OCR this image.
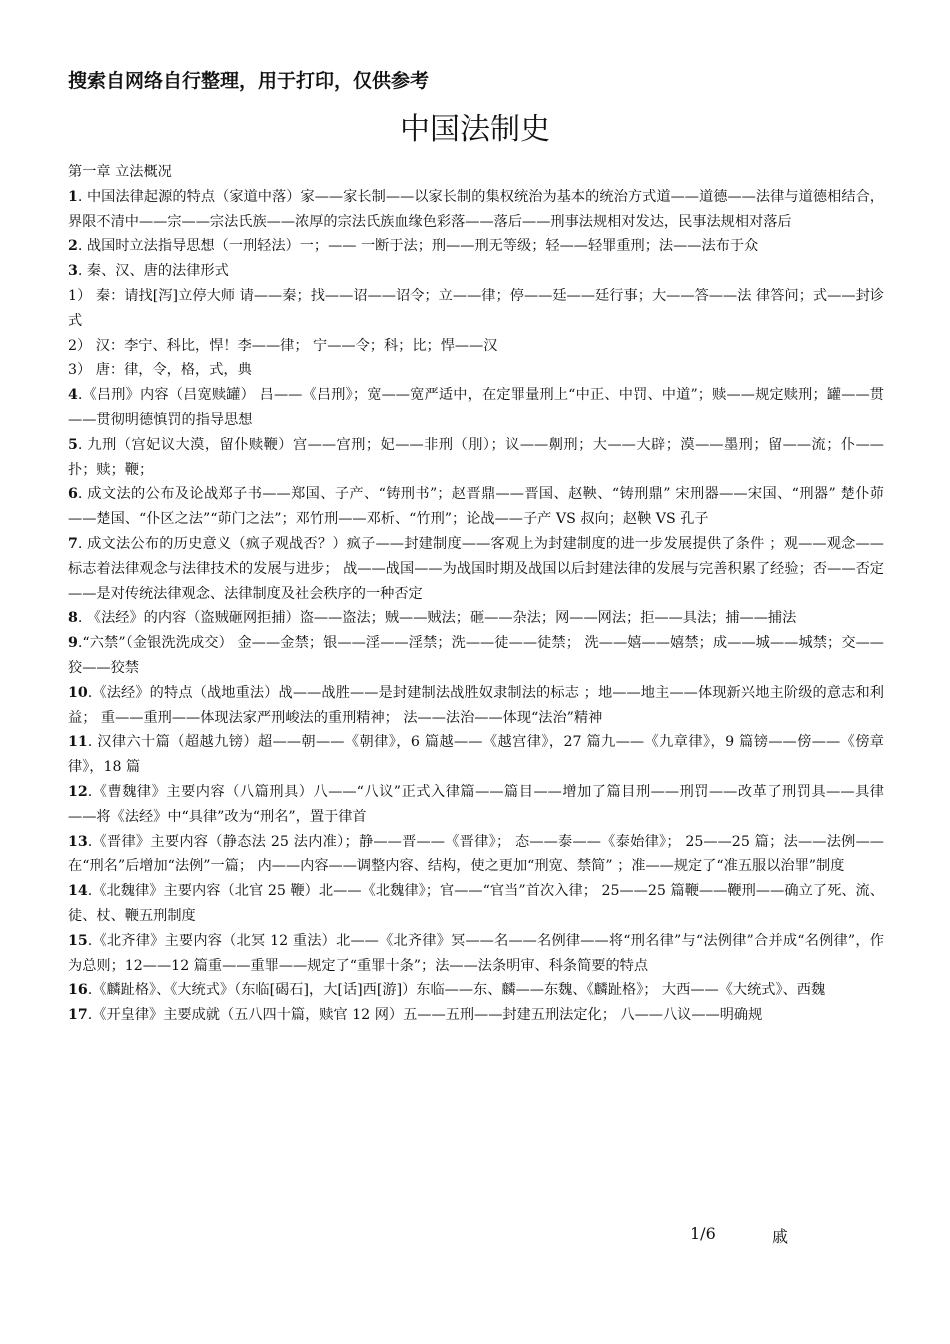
搜索自网络自行整理，用于打印，仅供参考
中国法制史

第一章 立法概况

1. 中国法律起源的特点（家道中落）家——家长制——以家长制的集权统治为基本的统治方式道——道德——法律与道德相结合，界限不清中——宗——宗法氏族——浓厚的宗法氏族血缘色彩落——落后——刑事法规相对发达，民事法规相对落后

2. 战国时立法指导思想（一刑轻法）一；—— 一断于法；刑——刑无等级；轻——轻罪重刑；法——法布于众

3. 秦、汉、唐的法律形式

1） 秦：请找[泻]立停大师 请——秦；找——诏——诏令；立——律；停——廷——廷行事；大——答——法 律答问；式——封诊式

2） 汉：李宁、科比，悍！李——律； 宁——令；科；比；悍——汉

3） 唐：律，令，格，式，典

4.《吕刑》内容（吕宽赎罐） 吕——《吕刑》；宽——宽严适中，在定罪量刑上“中正、中罚、中道”；赎——规定赎刑；罐——贯——贯彻明德慎罚的指导思想

5. 九刑（宫妃议大漠，留仆赎鞭）宫——宫刑；妃——非刑（刖）；议——劓刑；大——大辟；漠——墨刑；留——流；仆——扑；赎；鞭；

6. 成文法的公布及论战郑子书——郑国、子产、“铸刑书”；赵晋鼎——晋国、赵鞅、“铸刑鼎” 宋刑器——宋国、“刑器” 楚仆茆——楚国、“仆区之法”“茆门之法”；邓竹刑——邓析、“竹刑”；论战——子产 VS 叔向；赵鞅 VS 孔子

7. 成文法公布的历史意义（疯子观战否？）疯子——封建制度——客观上为封建制度的进一步发展提供了条件 ；观——观念——标志着法律观念与法律技术的发展与进步； 战——战国——为战国时期及战国以后封建法律的发展与完善积累了经验；否——否定——是对传统法律观念、法律制度及社会秩序的一种否定

8. 《法经》的内容（盗贼砸网拒捕）盗——盗法；贼——贼法；砸——杂法；网——网法；拒——具法；捕——捕法

9.“六禁”（金银洗洗成交） 金——金禁；银——淫——淫禁；洗——徒——徒禁； 洗——嬉——嬉禁；成——城——城禁；交——狡——狡禁

10.《法经》的特点（战地重法）战——战胜——是封建制法战胜奴隶制法的标志 ；地——地主——体现新兴地主阶级的意志和利益； 重——重刑——体现法家严刑峻法的重刑精神； 法——法治——体现“法治”精神

11. 汉律六十篇（超越九镑）超——朝——《朝律》，6 篇越——《越宫律》，27 篇九——《九章律》，9 篇镑——傍——《傍章律》，18 篇

12.《曹魏律》主要内容（八篇刑具）八——“八议”正式入律篇——篇目——增加了篇目刑——刑罚——改革了刑罚具——具律——将《法经》中“具律”改为“刑名”，置于律首

13.《晋律》主要内容（静态法 25 法内准）；静——晋——《晋律》； 态——泰——《泰始律》； 25——25 篇；法——法例——在“刑名”后增加“法例”一篇； 内——内容——调整内容、结构，使之更加“刑宽、禁简” ；准——规定了“准五服以治罪”制度

14.《北魏律》主要内容（北官 25 鞭）北——《北魏律》；官——“官当”首次入律； 25——25 篇鞭——鞭刑——确立了死、流、徒、杖、鞭五刑制度

15.《北齐律》主要内容（北冥 12 重法）北——《北齐律》冥——名——名例律——将“刑名律”与“法例律”合并成“名例律”，作为总则；12——12 篇重——重罪——规定了“重罪十条”；法——法条明审、科条简要的特点

16.《麟趾格》、《大统式》（东临[碣石]，大[话]西[游]）东临——东、麟——东魏、《麟趾格》； 大西——《大统式》、西魏

17.《开皇律》主要成就（五八四十篇，赎官 12 网）五——五刑——封建五刑法定化； 八——八议——明确规

1/6	戚
